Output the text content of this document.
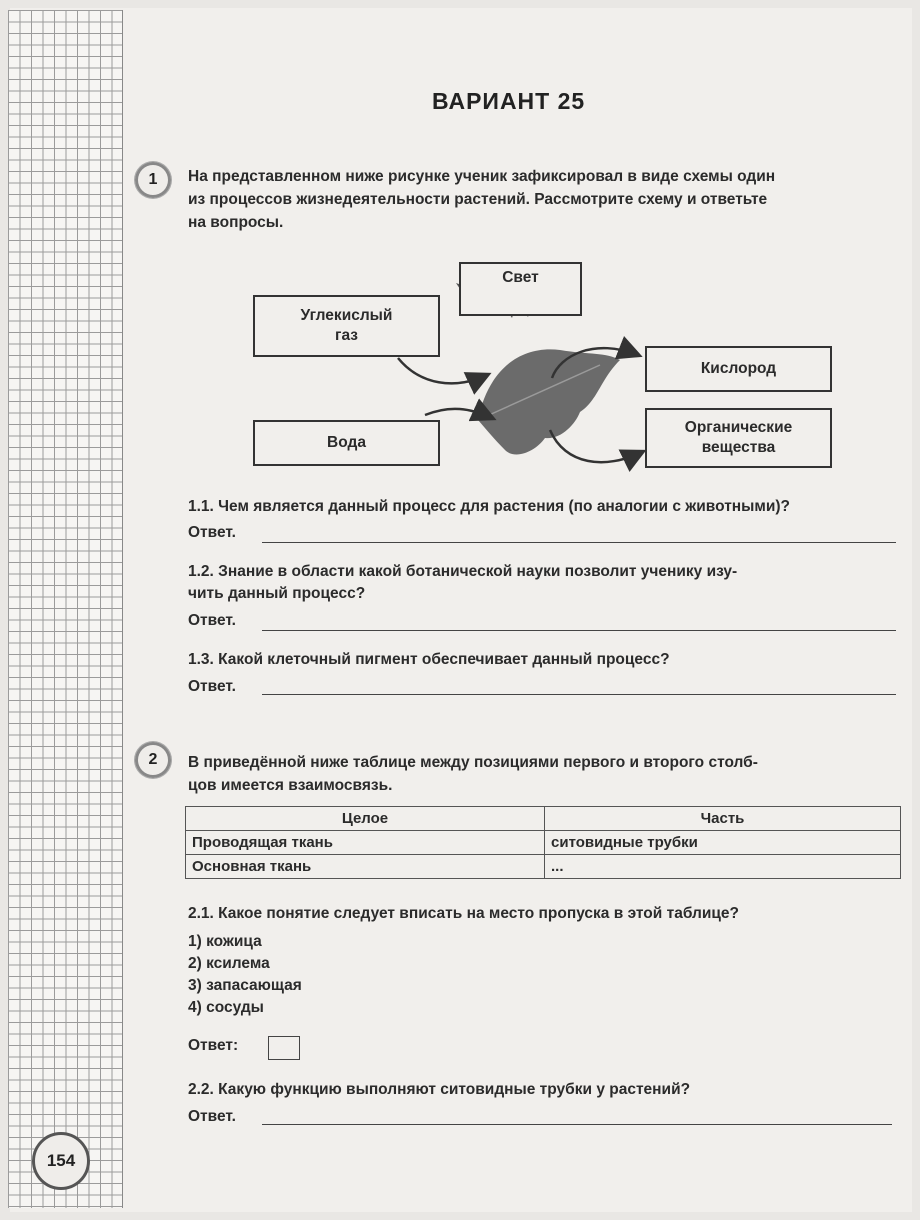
ВАРИАНТ 25
1	На представленном ниже рисунке ученик зафиксировал в виде схемы один
из процессов жизнедеятельности растений. Рассмотрите схему и ответьте
на вопросы.
Свет
Углекислый
газ
Вода
Кислород
Органические
вещества
1.1. Чем является данный процесс для растения (по аналогии с животными)?
Ответ.
1.2. Знание в области какой ботанической науки позволит ученику изу-
чить данный процесс?
Ответ.
1.3. Какой клеточный пигмент обеспечивает данный процесс?
Ответ.
2	В приведённой ниже таблице между позициями первого и второго столб-
цов имеется взаимосвязь.
Целое	Часть
Проводящая ткань	ситовидные трубки
Основная ткань	...
2.1. Какое понятие следует вписать на место пропуска в этой таблице?
1) кожица
2) ксилема
3) запасающая
4) сосуды
Ответ:
2.2. Какую функцию выполняют ситовидные трубки у растений?
Ответ.
154
